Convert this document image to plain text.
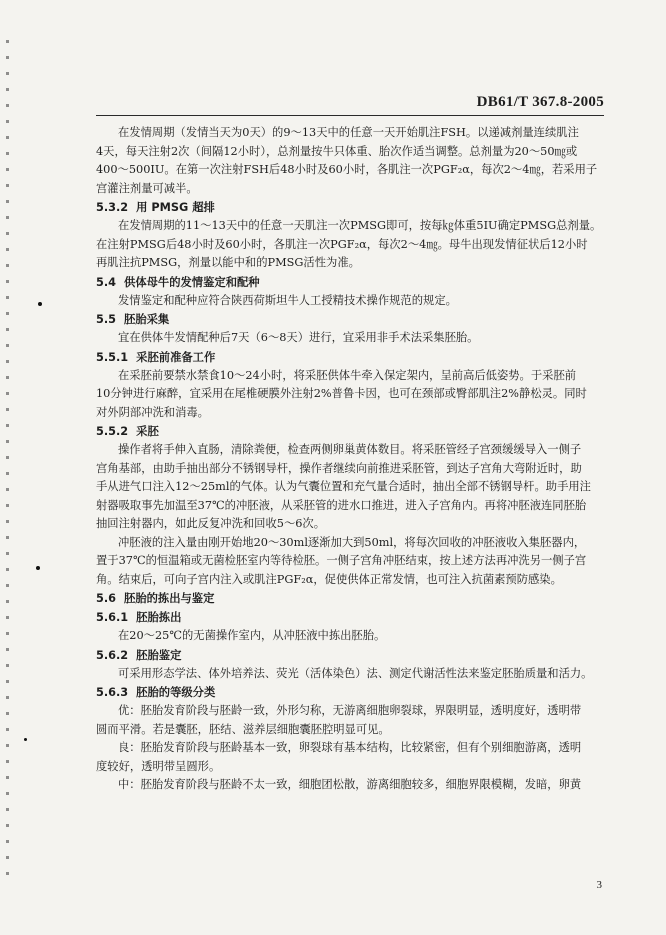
DB61/T 367.8-2005
在发情周期（发情当天为0天）的9～13天中的任意一天开始肌注FSH。以递减剂量连续肌注
4天，每天注射2次（间隔12小时），总剂量按牛只体重、胎次作适当调整。总剂量为20～50㎎或
400～500IU。在第一次注射FSH后48小时及60小时，各肌注一次PGF₂α，每次2～4㎎，若采用子
宫灌注剂量可减半。
5.3.2 用 PMSG 超排
在发情周期的11～13天中的任意一天肌注一次PMSG即可，按每㎏体重5IU确定PMSG总剂量。
在注射PMSG后48小时及60小时，各肌注一次PGF₂α，每次2～4㎎。母牛出现发情征状后12小时
再肌注抗PMSG，剂量以能中和的PMSG活性为准。
5.4 供体母牛的发情鉴定和配种
发情鉴定和配种应符合陕西荷斯坦牛人工授精技术操作规范的规定。
5.5 胚胎采集
宜在供体牛发情配种后7天（6～8天）进行，宜采用非手术法采集胚胎。
5.5.1 采胚前准备工作
在采胚前要禁水禁食10～24小时，将采胚供体牛牵入保定架内，呈前高后低姿势。于采胚前
10分钟进行麻醉，宜采用在尾椎硬膜外注射2%普鲁卡因，也可在颈部或臀部肌注2%静松灵。同时
对外阴部冲洗和消毒。
5.5.2 采胚
操作者将手伸入直肠，清除粪便，检查两侧卵巢黄体数目。将采胚管经子宫颈缓缓导入一侧子
宫角基部，由助手抽出部分不锈钢导杆，操作者继续向前推进采胚管，到达子宫角大弯附近时，助
手从进气口注入12～25ml的气体。认为气囊位置和充气量合适时，抽出全部不锈钢导杆。助手用注
射器吸取事先加温至37℃的冲胚液，从采胚管的进水口推进，进入子宫角内。再将冲胚液连同胚胎
抽回注射器内，如此反复冲洗和回收5～6次。
冲胚液的注入量由刚开始地20～30ml逐渐加大到50ml，将每次回收的冲胚液收入集胚器内，
置于37℃的恒温箱或无菌检胚室内等待检胚。一侧子宫角冲胚结束，按上述方法再冲洗另一侧子宫
角。结束后，可向子宫内注入或肌注PGF₂α，促使供体正常发情，也可注入抗菌素预防感染。
5.6 胚胎的拣出与鉴定
5.6.1 胚胎拣出
在20～25℃的无菌操作室内，从冲胚液中拣出胚胎。
5.6.2 胚胎鉴定
可采用形态学法、体外培养法、荧光（活体染色）法、测定代谢活性法来鉴定胚胎质量和活力。
5.6.3 胚胎的等级分类
优：胚胎发育阶段与胚龄一致，外形匀称，无游离细胞卵裂球，界限明显，透明度好，透明带
圆而平滑。若是囊胚，胚结、滋养层细胞囊胚腔明显可见。
良：胚胎发育阶段与胚龄基本一致，卵裂球有基本结构，比较紧密，但有个别细胞游离，透明
度较好，透明带呈圆形。
中：胚胎发育阶段与胚龄不太一致，细胞团松散，游离细胞较多，细胞界限模糊，发暗，卵黄
3
